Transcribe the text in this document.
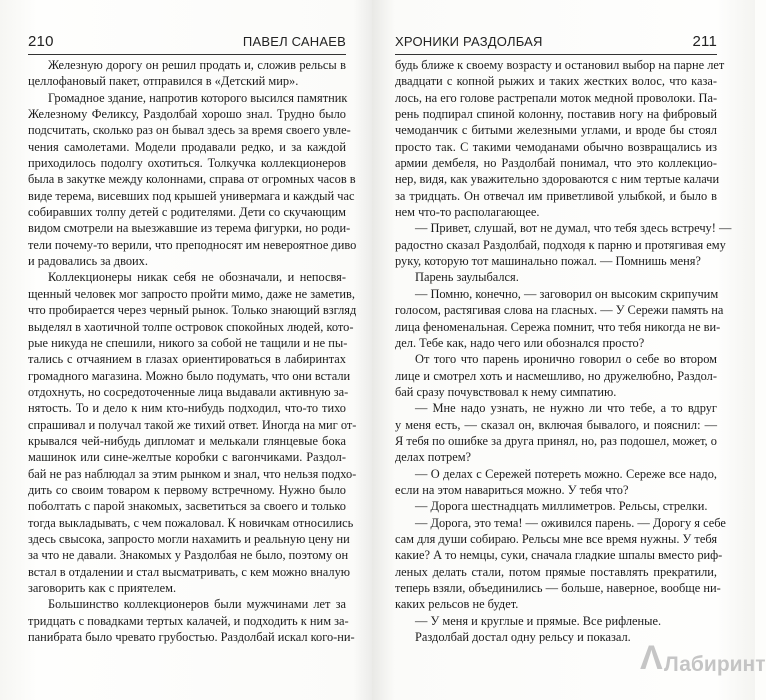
210	ПАВЕЛ САНАЕВ
Железную дорогу он решил продать и, сложив рельсы в
целлофановый пакет, отправился в «Детский мир».
Громадное здание, напротив которого высился памятник
Железному Феликсу, Раздолбай хорошо знал. Трудно было
подсчитать, сколько раз он бывал здесь за время своего увле-
чения самолетами. Модели продавали редко, и за каждой
приходилось подолгу охотиться. Толкучка коллекционеров
была в закутке между колоннами, справа от огромных часов в
виде терема, висевших под крышей универмага и каждый час
собиравших толпу детей с родителями. Дети со скучающим
видом смотрели на выезжавшие из терема фигурки, но роди-
тели почему-то верили, что преподносят им невероятное диво
и радовались за двоих.
Коллекционеры никак себя не обозначали, и непосвя-
щенный человек мог запросто пройти мимо, даже не заметив,
что пробирается через черный рынок. Только знающий взгляд
выделял в хаотичной толпе островок спокойных людей, кото-
рые никуда не спешили, никого за собой не тащили и не пы-
тались с отчаянием в глазах ориентироваться в лабиринтах
громадного магазина. Можно было подумать, что они встали
отдохнуть, но сосредоточенные лица выдавали активную за-
нятость. То и дело к ним кто-нибудь подходил, что-то тихо
спрашивал и получал такой же тихий ответ. Иногда на миг от-
крывался чей-нибудь дипломат и мелькали глянцевые бока
машинок или сине-желтые коробки с вагончиками. Раздол-
бай не раз наблюдал за этим рынком и знал, что нельзя подхо-
дить со своим товаром к первому встречному. Нужно было
поболтать с парой знакомых, засветиться за своего и только
тогда выкладывать, с чем пожаловал. К новичкам относились
здесь свысока, запросто могли нахамить и реальную цену ни
за что не давали. Знакомых у Раздолбая не было, поэтому он
встал в отдалении и стал высматривать, с кем можно вналую
заговорить как с приятелем.
Большинство коллекционеров были мужчинами лет за
тридцать с повадками тертых калачей, и подходить к ним за-
панибрата было чревато грубостью. Раздолбай искал кого-ни-
ХРОНИКИ РАЗДОЛБАЯ	211
будь ближе к своему возрасту и остановил выбор на парне лет
двадцати с копной рыжих и таких жестких волос, что каза-
лось, на его голове растрепали моток медной проволоки. Па-
рень подпирал спиной колонну, поставив ногу на фибровый
чемоданчик с битыми железными углами, и вроде бы стоял
просто так. С такими чемоданами обычно возвращались из
армии дембеля, но Раздолбай понимал, что это коллекцио-
нер, видя, как уважительно здороваются с ним тертые калачи
за тридцать. Он отвечал им приветливой улыбкой, и было в
нем что-то располагающее.
— Привет, слушай, вот не думал, что тебя здесь встречу! —
радостно сказал Раздолбай, подходя к парню и протягивая ему
руку, которую тот машинально пожал. — Помнишь меня?
Парень заулыбался.
— Помню, конечно, — заговорил он высоким скрипучим
голосом, растягивая слова на гласных. — У Сережи память на
лица феноменальная. Сережа помнит, что тебя никогда не ви-
дел. Тебе как, надо чего или обознался просто?
От того что парень иронично говорил о себе во втором
лице и смотрел хоть и насмешливо, но дружелюбно, Раздол-
бай сразу почувствовал к нему симпатию.
— Мне надо узнать, не нужно ли что тебе, а то вдруг
у меня есть, — сказал он, включая бывалого, и пояснил: —
Я тебя по ошибке за друга принял, но, раз подошел, может, о
делах потрем?
— О делах с Сережей потереть можно. Сереже все надо,
если на этом навариться можно. У тебя что?
— Дорога шестнадцать миллиметров. Рельсы, стрелки.
— Дорога, это тема! — оживился парень. — Дорогу я себе
сам для души собираю. Рельсы мне все время нужны. У тебя
какие? А то немцы, суки, сначала гладкие шпалы вместо риф-
леных делать стали, потом прямые поставлять прекратили,
теперь взяли, объединились — больше, наверное, вообще ни-
каких рельсов не будет.
— У меня и круглые и прямые. Все рифленые.
Раздолбай достал одну рельсу и показал.
Λ Лабиринт
